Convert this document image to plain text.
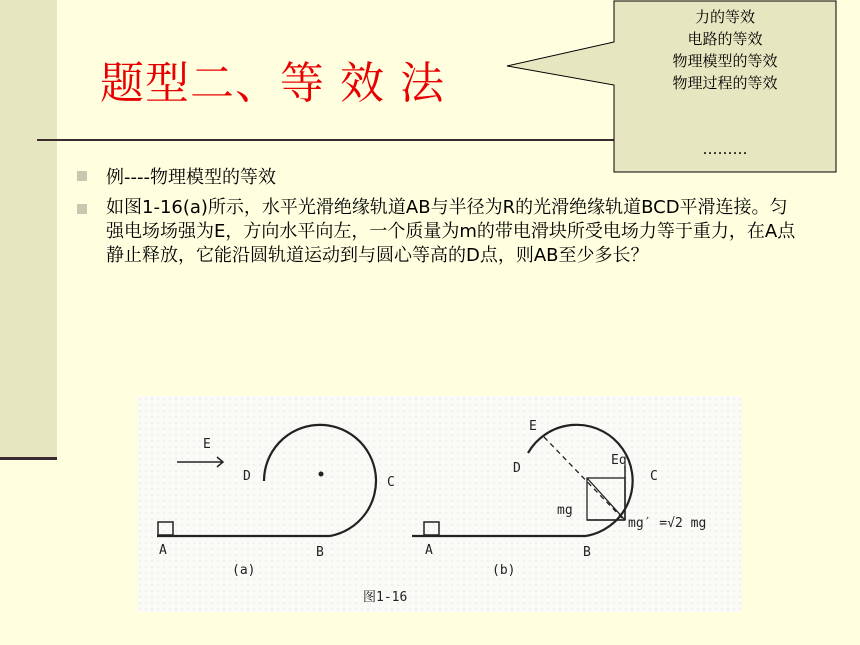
题型二、等 效 法
力的等效
电路的等效
物理模型的等效
物理过程的等效
………
例----物理模型的等效
如图1-16(a)所示，水平光滑绝缘轨道AB与半径为R的光滑绝缘轨道BCD平滑连接。匀强电场场强为E，方向水平向左，一个质量为m的带电滑块所受电场力等于重力，在A点静止释放，它能沿圆轨道运动到与圆心等高的D点，则AB至少多长？
E
D	C
A	B
(a)
E
D
C
A	B
Eq
mg
mg′ =√2 mg
(b)
图1-16
